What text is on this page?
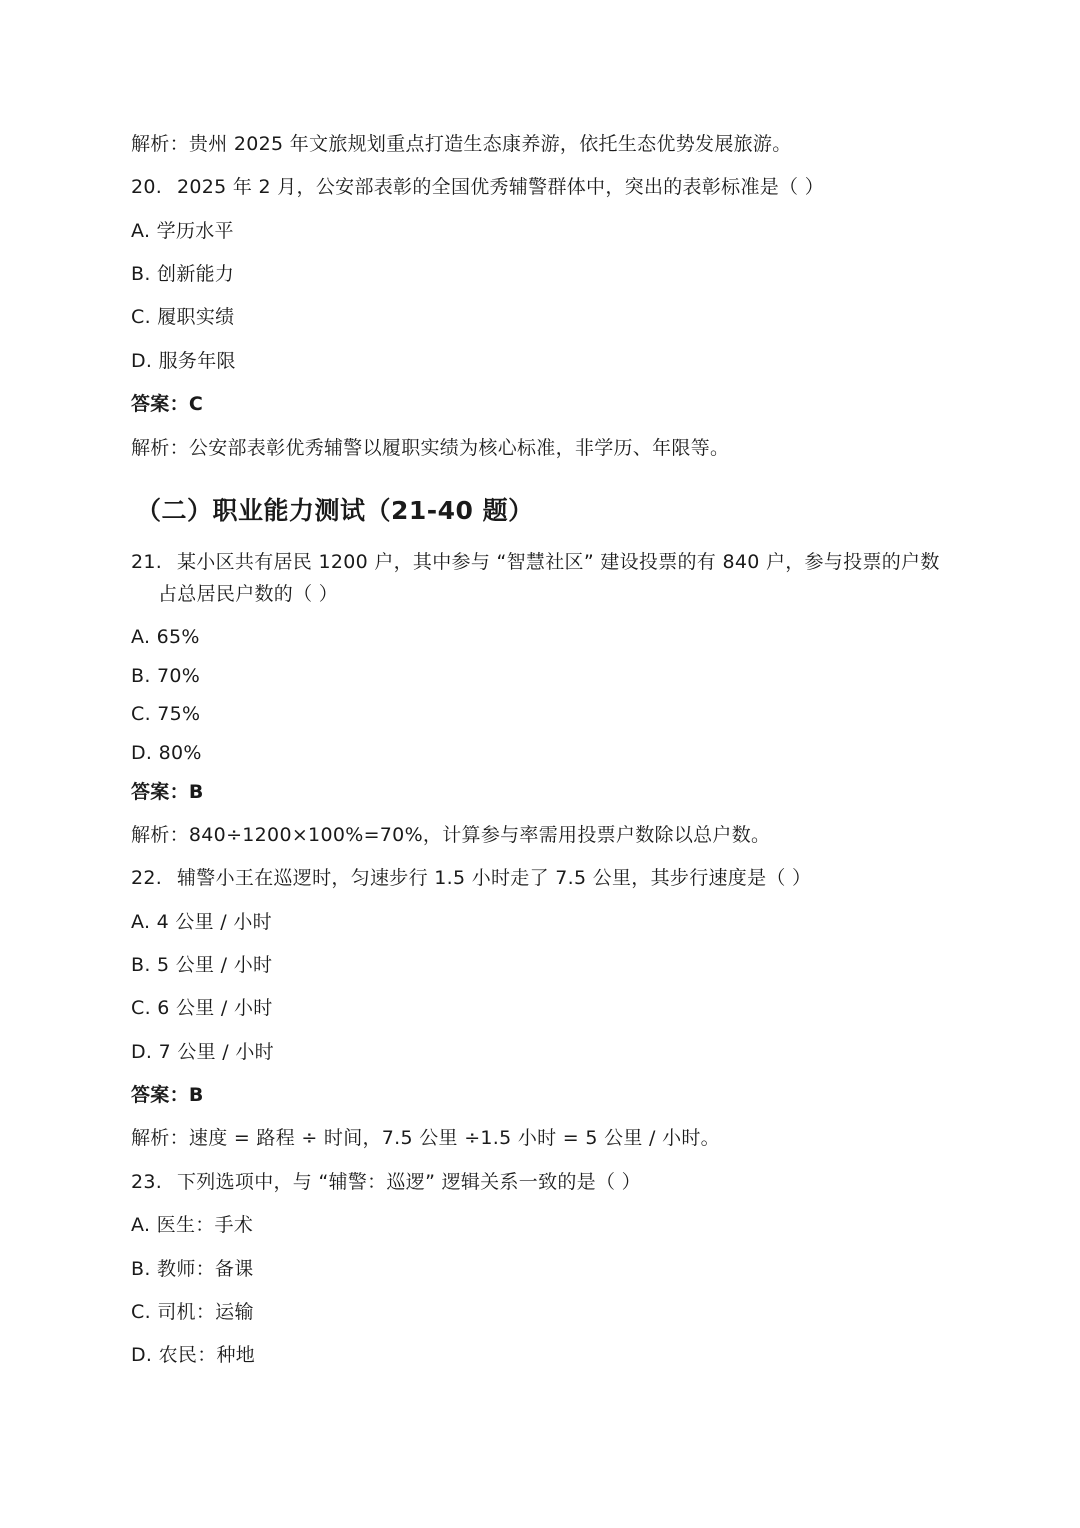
解析：贵州 2025 年文旅规划重点打造生态康养游，依托生态优势发展旅游。
20. 2025 年 2 月，公安部表彰的全国优秀辅警群体中，突出的表彰标准是（ ）
A. 学历水平
B. 创新能力
C. 履职实绩
D. 服务年限
答案：C
解析：公安部表彰优秀辅警以履职实绩为核心标准，非学历、年限等。
（二）职业能力测试（21-40 题）
21. 某小区共有居民 1200 户，其中参与 “智慧社区” 建设投票的有 840 户，参与投票的户数
占总居民户数的（ ）
A. 65%
B. 70%
C. 75%
D. 80%
答案：B
解析：840÷1200×100%=70%，计算参与率需用投票户数除以总户数。
22. 辅警小王在巡逻时，匀速步行 1.5 小时走了 7.5 公里，其步行速度是（ ）
A. 4 公里 / 小时
B. 5 公里 / 小时
C. 6 公里 / 小时
D. 7 公里 / 小时
答案：B
解析：速度 = 路程 ÷ 时间，7.5 公里 ÷1.5 小时 = 5 公里 / 小时。
23. 下列选项中，与 “辅警：巡逻” 逻辑关系一致的是（ ）
A. 医生：手术
B. 教师：备课
C. 司机：运输
D. 农民：种地
